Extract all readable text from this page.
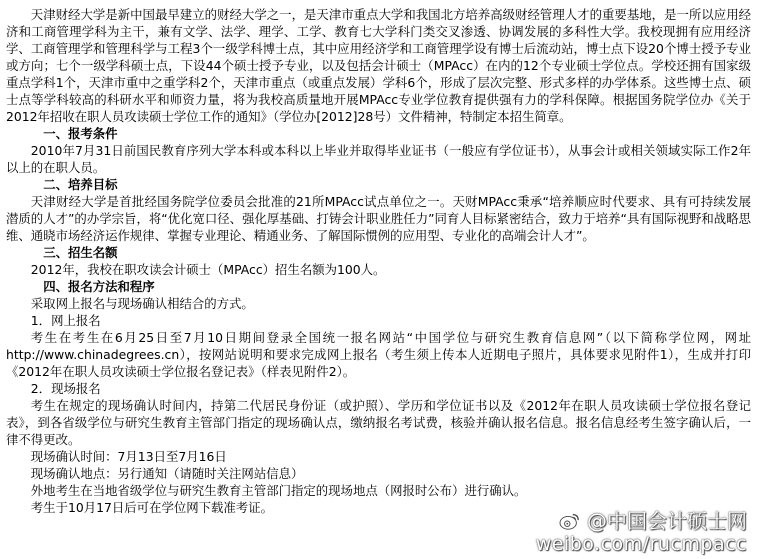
天津财经大学是新中国最早建立的财经大学之一，是天津市重点大学和我国北方培养高级财经管理人才的重要基地，是一所以应用经济和工商管理学科为主干，兼有文学、法学、理学、工学、教育七大学科门类交叉渗透、协调发展的多科性大学。我校现拥有应用经济学、工商管理学和管理科学与工程3个一级学科博士点，其中应用经济学和工商管理学设有博士后流动站，博士点下设20个博士授予专业或方向；七个一级学科硕士点，下设44个硕士授予专业，以及包括会计硕士（MPAcc）在内的12个专业硕士学位点。学校还拥有国家级重点学科1个，天津市重中之重学科2个，天津市重点（或重点发展）学科6个，形成了层次完整、形式多样的办学体系。这些博士点、硕士点等学科较高的科研水平和师资力量，将为我校高质量地开展MPAcc专业学位教育提供强有力的学科保障。根据国务院学位办《关于2012年招收在职人员攻读硕士学位工作的通知》（学位办[2012]28号）文件精神，特制定本招生简章。

一、报考条件

2010年7月31日前国民教育序列大学本科或本科以上毕业并取得毕业证书（一般应有学位证书），从事会计或相关领域实际工作2年以上的在职人员。

二、培养目标

天津财经大学是首批经国务院学位委员会批准的21所MPAcc试点单位之一。天财MPAcc秉承“培养顺应时代要求、具有可持续发展潜质的人才”的办学宗旨，将“优化宽口径、强化厚基础、打铸会计职业胜任力”同育人目标紧密结合，致力于培养“具有国际视野和战略思维、通晓市场经济运作规律、掌握专业理论、精通业务、了解国际惯例的应用型、专业化的高端会计人才”。

三、招生名额

2012年，我校在职攻读会计硕士（MPAcc）招生名额为100人。

四、报名方法和程序

采取网上报名与现场确认相结合的方式。

1．网上报名

考生在考生在6月25日至7月10日期间登录全国统一报名网站“中国学位与研究生教育信息网”（以下简称学位网，网址http://www.chinadegrees.cn），按网站说明和要求完成网上报名（考生须上传本人近期电子照片，具体要求见附件1），生成并打印《2012年在职人员攻读硕士学位报名登记表》（样表见附件2）。

2．现场报名

考生在规定的现场确认时间内，持第二代居民身份证（或护照）、学历和学位证书以及《2012年在职人员攻读硕士学位报名登记表》，到各省级学位与研究生教育主管部门指定的现场确认点，缴纳报名考试费，核验并确认报名信息。报名信息经考生签字确认后，一律不得更改。

现场确认时间：7月13日至7月16日

现场确认地点：另行通知（请随时关注网站信息）

外地考生在当地省级学位与研究生教育主管部门指定的现场地点（网报时公布）进行确认。

考生于10月17日后可在学位网下载准考证。

@中国会计硕士网
weibo.com/rucmpacc
